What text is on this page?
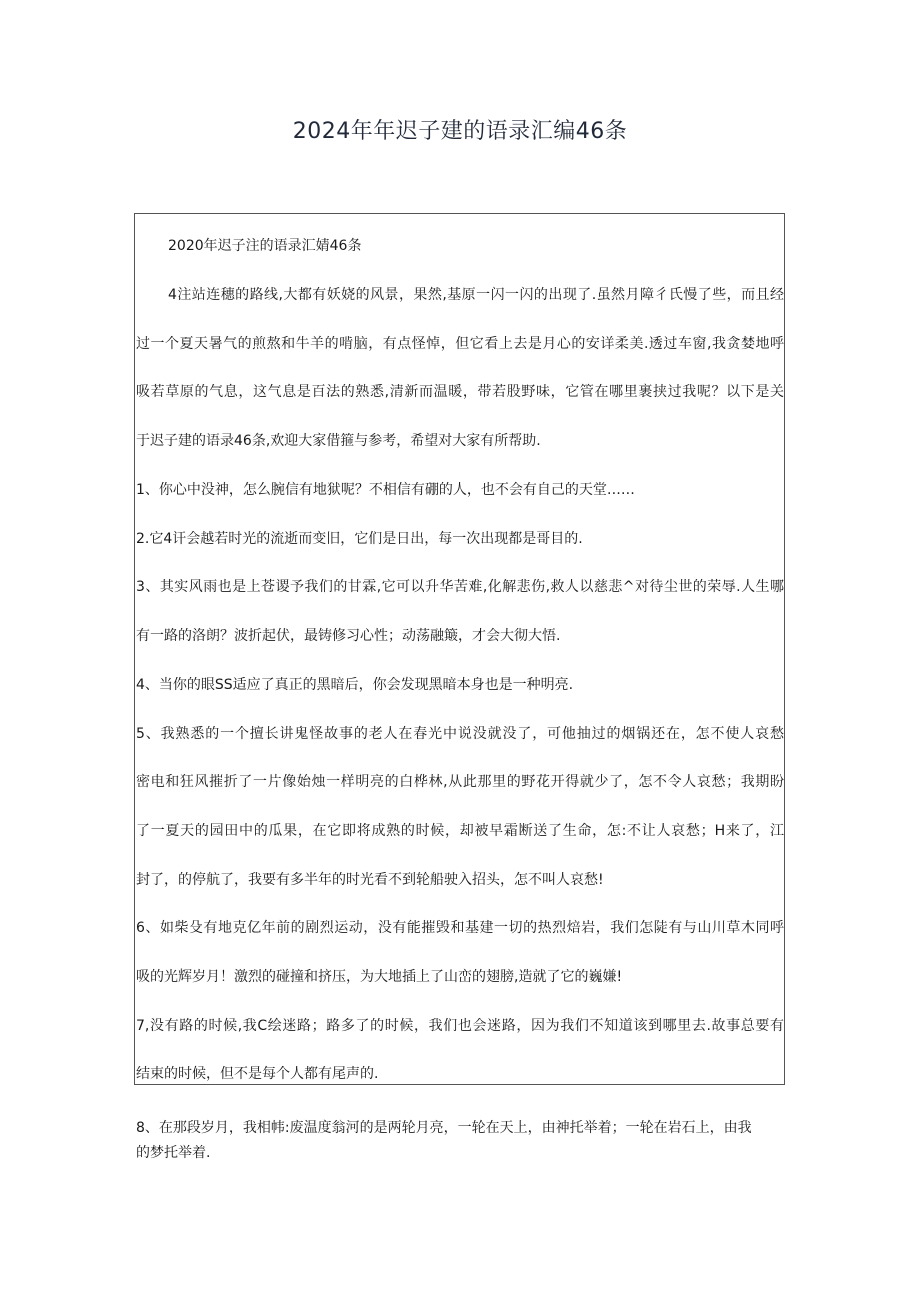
2024年年迟子建的语录汇编46条
2020年迟子注的语录汇婧46条
4注站连穗的路线,大都有妖娆的风景，果然,基原一闪一闪的出现了.虽然月障彳氏慢了些，而且经
过一个夏天暑气的煎熬和牛羊的啃脑，有点怪悼，但它看上去是月心的安详柔美.透过车窗,我贪婪地呼
吸若草原的气息，这气息是百法的熟悉,清新而温暖，带若股野味，它管在哪里裹挟过我呢？以下是关
于迟子建的语录46条,欢迎大家借箍与参考，希望对大家有所帮助.
1、你心中没神，怎么腕信有地狱呢？不相信有硼的人，也不会有自己的天堂……
2.它4讦会越若时光的流逝而变旧，它们是日出，每一次出现都是哥目的.
3、其实风雨也是上苍谡予我们的甘霖,它可以升华苦难,化解悲伤,救人以慈悲^对待尘世的荣辱.人生哪
有一路的洛朗？波折起伏，最铸修习心性；动荡融簸，才会大彻大悟.
4、当你的眼SS适应了真正的黑暗后，你会发现黑暗本身也是一种明亮.
5、我熟悉的一个擅长讲鬼怪故事的老人在春光中说没就没了，可他抽过的烟锅还在，怎不使人哀愁
密电和狂风摧折了一片像始烛一样明亮的白桦林,从此那里的野花开得就少了，怎不令人哀愁；我期盼
了一夏天的园田中的瓜果，在它即将成熟的时候，却被早霜断送了生命，怎:不让人哀愁；H来了，江
封了，的停航了，我要有多半年的时光看不到轮船驶入招头，怎不叫人哀愁!
6、如柴殳有地克亿年前的剧烈运动，没有能摧毁和基建一切的热烈焙岩，我们怎陡有与山川草木同呼
吸的光辉岁月！激烈的碰撞和挤压，为大地插上了山峦的翅膀,造就了它的巍嫌!
7,没有路的时候,我C绘迷路；路多了的时候，我们也会迷路，因为我们不知道该到哪里去.故事总要有
结束的时候，但不是每个人都有尾声的.
8、在那段岁月，我相帏:废温度翁河的是两轮月亮，一轮在天上，由神托举着；一轮在岩石上，由我
的梦托举着.
